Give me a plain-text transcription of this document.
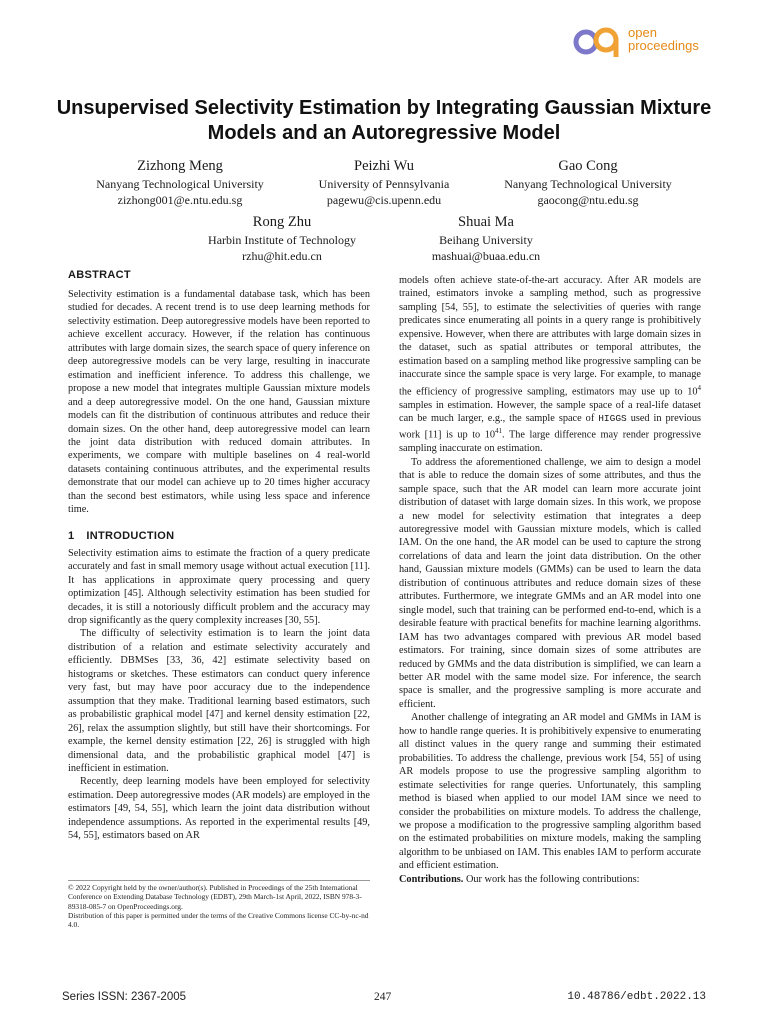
open
proceedings
Unsupervised Selectivity Estimation by Integrating Gaussian Mixture Models and an Autoregressive Model
Zizhong Meng
Nanyang Technological University
zizhong001@e.ntu.edu.sg
Peizhi Wu
University of Pennsylvania
pagewu@cis.upenn.edu
Gao Cong
Nanyang Technological University
gaocong@ntu.edu.sg
Rong Zhu
Harbin Institute of Technology
rzhu@hit.edu.cn
Shuai Ma
Beihang University
mashuai@buaa.edu.cn
ABSTRACT

Selectivity estimation is a fundamental database task, which has been studied for decades. A recent trend is to use deep learning methods for selectivity estimation. Deep autoregressive models have been reported to achieve excellent accuracy. However, if the relation has continuous attributes with large domain sizes, the search space of query inference on deep autoregressive models can be very large, resulting in inaccurate estimation and inefficient inference. To address this challenge, we propose a new model that integrates multiple Gaussian mixture models and a deep autoregressive model. On the one hand, Gaussian mixture models can fit the distribution of continuous attributes and reduce their domain sizes. On the other hand, deep autoregressive model can learn the joint data distribution with reduced domain attributes. In experiments, we compare with multiple baselines on 4 real-world datasets containing continuous attributes, and the experimental results demonstrate that our model can achieve up to 20 times higher accuracy than the second best estimators, while using less space and inference time.

1 INTRODUCTION

Selectivity estimation aims to estimate the fraction of a query predicate accurately and fast in small memory usage without actual execution [11]. It has applications in approximate query processing and query optimization [45]. Although selectivity estimation has been studied for decades, it is still a notoriously difficult problem and the accuracy may drop significantly as the query complexity increases [30, 55].

The difficulty of selectivity estimation is to learn the joint data distribution of a relation and estimate selectivity accurately and efficiently. DBMSes [33, 36, 42] estimate selectivity based on histograms or sketches. These estimators can conduct query inference very fast, but may have poor accuracy due to the independence assumption that they make. Traditional learning based estimators, such as probabilistic graphical model [47] and kernel density estimation [22, 26], relax the assumption slightly, but still have their shortcomings. For example, the kernel density estimation [22, 26] is struggled with high dimensional data, and the probabilistic graphical model [47] is inefficient in estimation.

Recently, deep learning models have been employed for selectivity estimation. Deep autoregressive modes (AR models) are employed in the estimators [49, 54, 55], which learn the joint data distribution without independence assumptions. As reported in the experimental results [49, 54, 55], estimators based on AR

© 2022 Copyright held by the owner/author(s). Published in Proceedings of the 25th International Conference on Extending Database Technology (EDBT), 29th March-1st April, 2022, ISBN 978-3-89318-085-7 on OpenProceedings.org.

Distribution of this paper is permitted under the terms of the Creative Commons license CC-by-nc-nd 4.0.

models often achieve state-of-the-art accuracy. After AR models are trained, estimators invoke a sampling method, such as progressive sampling [54, 55], to estimate the selectivities of queries with range predicates since enumerating all points in a query range is prohibitively expensive. However, when there are attributes with large domain sizes in the dataset, such as spatial attributes or temporal attributes, the estimation based on a sampling method like progressive sampling can be inaccurate since the sample space is very large. For example, to manage the efficiency of progressive sampling, estimators may use up to $10^4$ samples in estimation. However, the sample space of a real-life dataset can be much larger, e.g., the sample space of HIGGS used in previous work [11] is up to $10^{41}$. The large difference may render progressive sampling inaccurate on estimation.

To address the aforementioned challenge, we aim to design a model that is able to reduce the domain sizes of some attributes, and thus the sample space, such that the AR model can learn more accurate joint distribution of dataset with large domain sizes. In this work, we propose a new model for selectivity estimation that integrates a deep autoregressive model with Gaussian mixture models, which is called IAM. On the one hand, the AR model can be used to capture the strong correlations of data and learn the joint data distribution. On the other hand, Gaussian mixture models (GMMs) can be used to learn the data distribution of continuous attributes and reduce domain sizes of these attributes. Furthermore, we integrate GMMs and an AR model into one single model, such that training can be performed end-to-end, which is a desirable feature with practical benefits for machine learning algorithms. IAM has two advantages compared with previous AR model based estimators. For training, since domain sizes of some attributes are reduced by GMMs and the data distribution is simplified, we can learn a better AR model with the same model size. For inference, the search space is smaller, and the progressive sampling is more accurate and efficient.

Another challenge of integrating an AR model and GMMs in IAM is how to handle range queries. It is prohibitively expensive to enumerating all distinct values in the query range and summing their estimated probabilities. To address the challenge, previous work [54, 55] of using AR models propose to use the progressive sampling algorithm to estimate selectivities for range queries. Unfortunately, this sampling method is biased when applied to our model IAM since we need to consider the probabilities on mixture models. To address the challenge, we propose a modification to the progressive sampling algorithm based on the estimated probabilities on mixture models, making the sampling algorithm to be unbiased on IAM. This enables IAM to perform accurate and efficient estimation.

Contributions. Our work has the following contributions:

Series ISSN: 2367-2005	247	10.48786/edbt.2022.13
